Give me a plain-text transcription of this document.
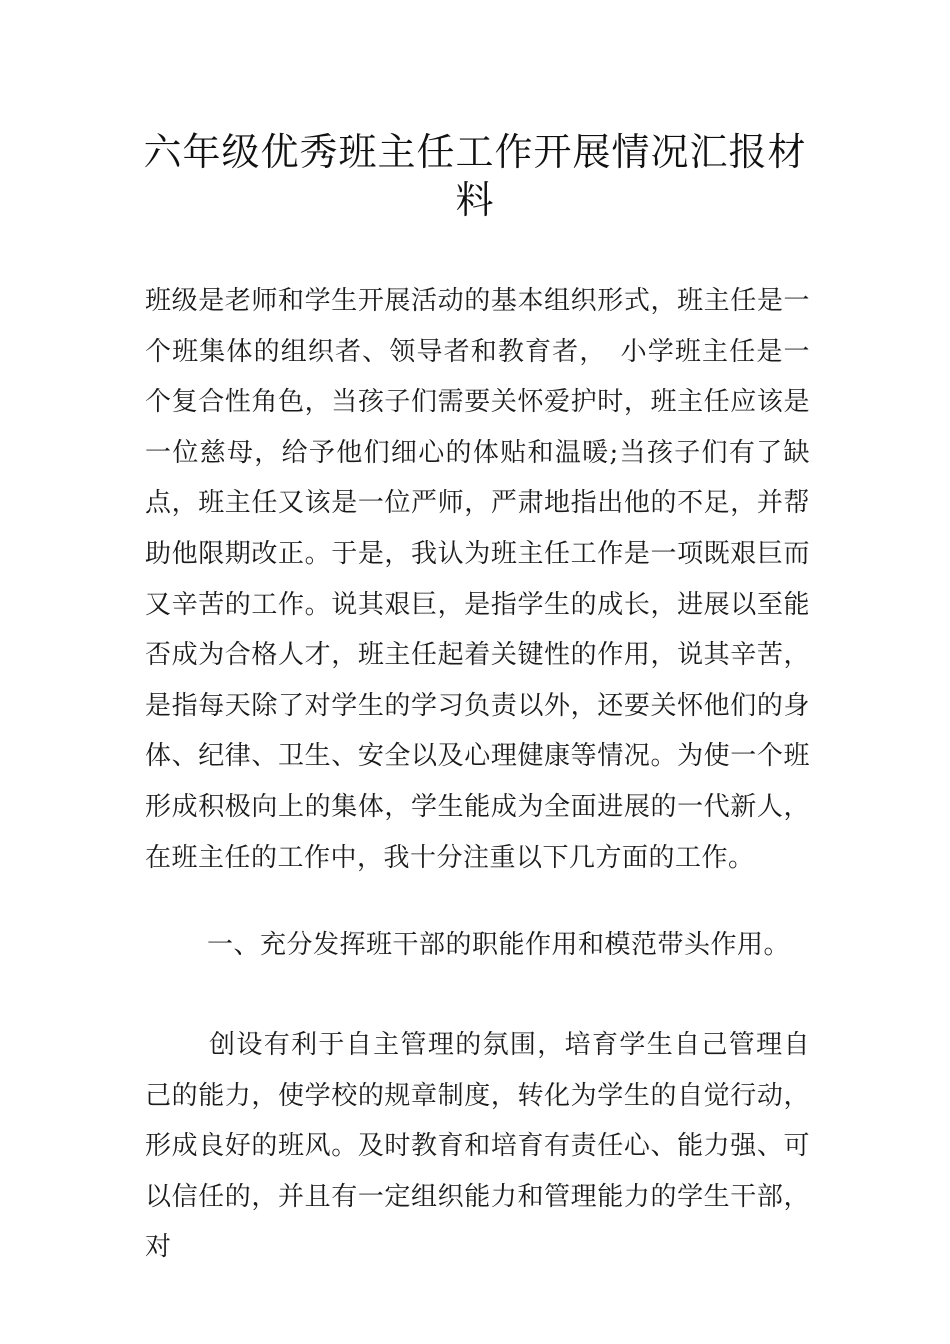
六年级优秀班主任工作开展情况汇报材料

班级是老师和学生开展活动的基本组织形式，班主任是一个班集体的组织者、领导者和教育者，　小学班主任是一个复合性角色，当孩子们需要关怀爱护时，班主任应该是一位慈母，给予他们细心的体贴和温暖;当孩子们有了缺点，班主任又该是一位严师，严肃地指出他的不足，并帮助他限期改正。于是，我认为班主任工作是一项既艰巨而又辛苦的工作。说其艰巨，是指学生的成长，进展以至能否成为合格人才，班主任起着关键性的作用，说其辛苦，是指每天除了对学生的学习负责以外，还要关怀他们的身体、纪律、卫生、安全以及心理健康等情况。为使一个班形成积极向上的集体，学生能成为全面进展的一代新人，在班主任的工作中，我十分注重以下几方面的工作。

一、充分发挥班干部的职能作用和模范带头作用。

创设有利于自主管理的氛围，培育学生自己管理自己的能力，使学校的规章制度，转化为学生的自觉行动，形成良好的班风。及时教育和培育有责任心、能力强、可以信任的，并且有一定组织能力和管理能力的学生干部，对
